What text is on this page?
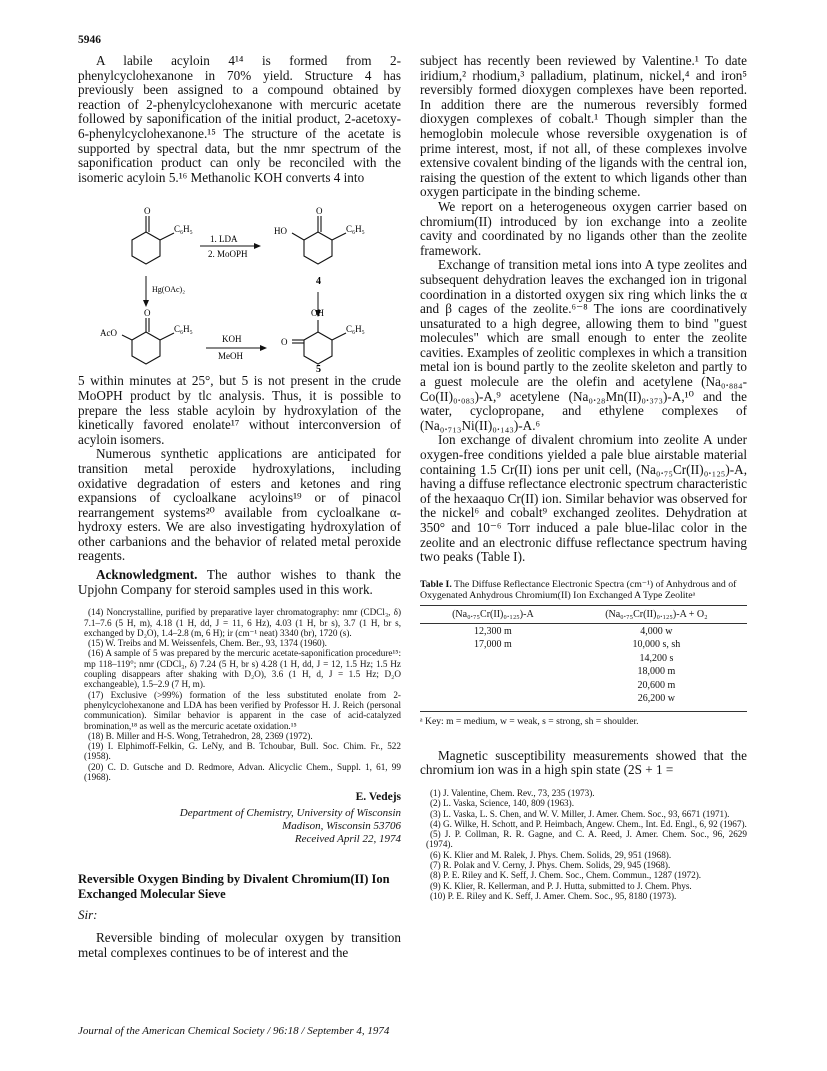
5946

A labile acyloin 4¹⁴ is formed from 2-phenylcyclohexanone in 70% yield. Structure 4 has previously been assigned to a compound obtained by reaction of 2-phenylcyclohexanone with mercuric acetate followed by saponification of the initial product, 2-acetoxy-6-phenylcyclohexanone.¹⁵ The structure of the acetate is supported by spectral data, but the nmr spectrum of the saponification product can only be reconciled with the isomeric acyloin 5.¹⁶ Methanolic KOH converts 4 into

O
C₆H₅
1. LDA
2. MoOPH
O
C₆H₅
HO
4
Hg(OAc)₂
O
C₆H₅
AcO
KOH
MeOH
OH
C₆H₅
O
5

5 within minutes at 25°, but 5 is not present in the crude MoOPH product by tlc analysis. Thus, it is possible to prepare the less stable acyloin by hydroxylation of the kinetically favored enolate¹⁷ without interconversion of acyloin isomers.

Numerous synthetic applications are anticipated for transition metal peroxide hydroxylations, including oxidative degradation of esters and ketones and ring expansions of cycloalkane acyloins¹⁹ or of pinacol rearrangement systems²⁰ available from cycloalkane α-hydroxy esters. We are also investigating hydroxylation of other carbanions and the behavior of related metal peroxide reagents.

Acknowledgment. The author wishes to thank the Upjohn Company for steroid samples used in this work.

(14) Noncrystalline, purified by preparative layer chromatography: nmr (CDCl₃, δ) 7.1–7.6 (5 H, m), 4.18 (1 H, dd, J = 11, 6 Hz), 4.03 (1 H, br s), 3.7 (1 H, br s, exchanged by D₂O), 1.4–2.8 (m, 6 H); ir (cm⁻¹ neat) 3340 (br), 1720 (s).

(15) W. Treibs and M. Weissenfels, Chem. Ber., 93, 1374 (1960).

(16) A sample of 5 was prepared by the mercuric acetate-saponification procedure¹⁵: mp 118–119°; nmr (CDCl₃, δ) 7.24 (5 H, br s) 4.28 (1 H, dd, J = 12, 1.5 Hz; 1.5 Hz coupling disappears after shaking with D₂O), 3.6 (1 H, d, J = 1.5 Hz; D₂O exchangeable), 1.5–2.9 (7 H, m).

(17) Exclusive (>99%) formation of the less substituted enolate from 2-phenylcyclohexanone and LDA has been verified by Professor H. J. Reich (personal communication). Similar behavior is apparent in the case of acid-catalyzed bromination,¹⁸ as well as the mercuric acetate oxidation.¹⁵

(18) B. Miller and H-S. Wong, Tetrahedron, 28, 2369 (1972).

(19) I. Elphimoff-Felkin, G. LeNy, and B. Tchoubar, Bull. Soc. Chim. Fr., 522 (1958).

(20) C. D. Gutsche and D. Redmore, Advan. Alicyclic Chem., Suppl. 1, 61, 99 (1968).

E. Vedejs
Department of Chemistry, University of Wisconsin
Madison, Wisconsin 53706
Received April 22, 1974
Reversible Oxygen Binding by Divalent Chromium(II) Ion Exchanged Molecular Sieve
Sir:

Reversible binding of molecular oxygen by transition metal complexes continues to be of interest and the

subject has recently been reviewed by Valentine.¹ To date iridium,² rhodium,³ palladium, platinum, nickel,⁴ and iron⁵ reversibly formed dioxygen complexes have been reported. In addition there are the numerous reversibly formed dioxygen complexes of cobalt.¹ Though simpler than the hemoglobin molecule whose reversible oxygenation is of prime interest, most, if not all, of these complexes involve extensive covalent binding of the ligands with the central ion, raising the question of the extent to which ligands other than oxygen participate in the binding scheme.

We report on a heterogeneous oxygen carrier based on chromium(II) introduced by ion exchange into a zeolite cavity and coordinated by no ligands other than the zeolite framework.

Exchange of transition metal ions into A type zeolites and subsequent dehydration leaves the exchanged ion in trigonal coordination in a distorted oxygen six ring which links the α and β cages of the zeolite.⁶⁻⁸ The ions are coordinatively unsaturated to a high degree, allowing them to bind "guest molecules" which are small enough to enter the zeolite cavities. Examples of zeolitic complexes in which a transition metal ion is bound partly to the zeolite skeleton and partly to a guest molecule are the olefin and acetylene (Na₀.₈₈₄-Co(II)₀.₀₈₃)-A,⁹ acetylene (Na₀.₂₈Mn(II)₀.₃₇₃)-A,¹⁰ and the water, cyclopropane, and ethylene complexes of (Na₀.₇₁₃Ni(II)₀.₁₄₃)-A.⁶

Ion exchange of divalent chromium into zeolite A under oxygen-free conditions yielded a pale blue airstable material containing 1.5 Cr(II) ions per unit cell, (Na₀.₇₅Cr(II)₀.₁₂₅)-A, having a diffuse reflectance electronic spectrum characteristic of the hexaaquo Cr(II) ion. Similar behavior was observed for the nickel⁶ and cobalt⁹ exchanged zeolites. Dehydration at 350° and 10⁻⁶ Torr induced a pale blue-lilac color in the zeolite and an electronic diffuse reflectance spectrum having two peaks (Table I).

Table I. The Diffuse Reflectance Electronic Spectra (cm⁻¹) of Anhydrous and of Oxygenated Anhydrous Chromium(II) Ion Exchanged A Type Zeoliteᵃ
(Na₀.₇₅Cr(II)₀.₁₂₅)-A	(Na₀.₇₅Cr(II)₀.₁₂₅)-A + O₂
12,300 m	4,000 w
17,000 m	10,000 s, sh
	14,200 s
	18,000 m
	20,600 m
	26,200 w
ᵃ Key: m = medium, w = weak, s = strong, sh = shoulder.

Magnetic susceptibility measurements showed that the chromium ion was in a high spin state (2S + 1 =

(1) J. Valentine, Chem. Rev., 73, 235 (1973).

(2) L. Vaska, Science, 140, 809 (1963).

(3) L. Vaska, L. S. Chen, and W. V. Miller, J. Amer. Chem. Soc., 93, 6671 (1971).

(4) G. Wilke, H. Schott, and P. Heimbach, Angew. Chem., Int. Ed. Engl., 6, 92 (1967).

(5) J. P. Collman, R. R. Gagne, and C. A. Reed, J. Amer. Chem. Soc., 96, 2629 (1974).

(6) K. Klier and M. Ralek, J. Phys. Chem. Solids, 29, 951 (1968).

(7) R. Polak and V. Cerny, J. Phys. Chem. Solids, 29, 945 (1968).

(8) P. E. Riley and K. Seff, J. Chem. Soc., Chem. Commun., 1287 (1972).

(9) K. Klier, R. Kellerman, and P. J. Hutta, submitted to J. Chem. Phys.

(10) P. E. Riley and K. Seff, J. Amer. Chem. Soc., 95, 8180 (1973).

Journal of the American Chemical Society / 96:18 / September 4, 1974
